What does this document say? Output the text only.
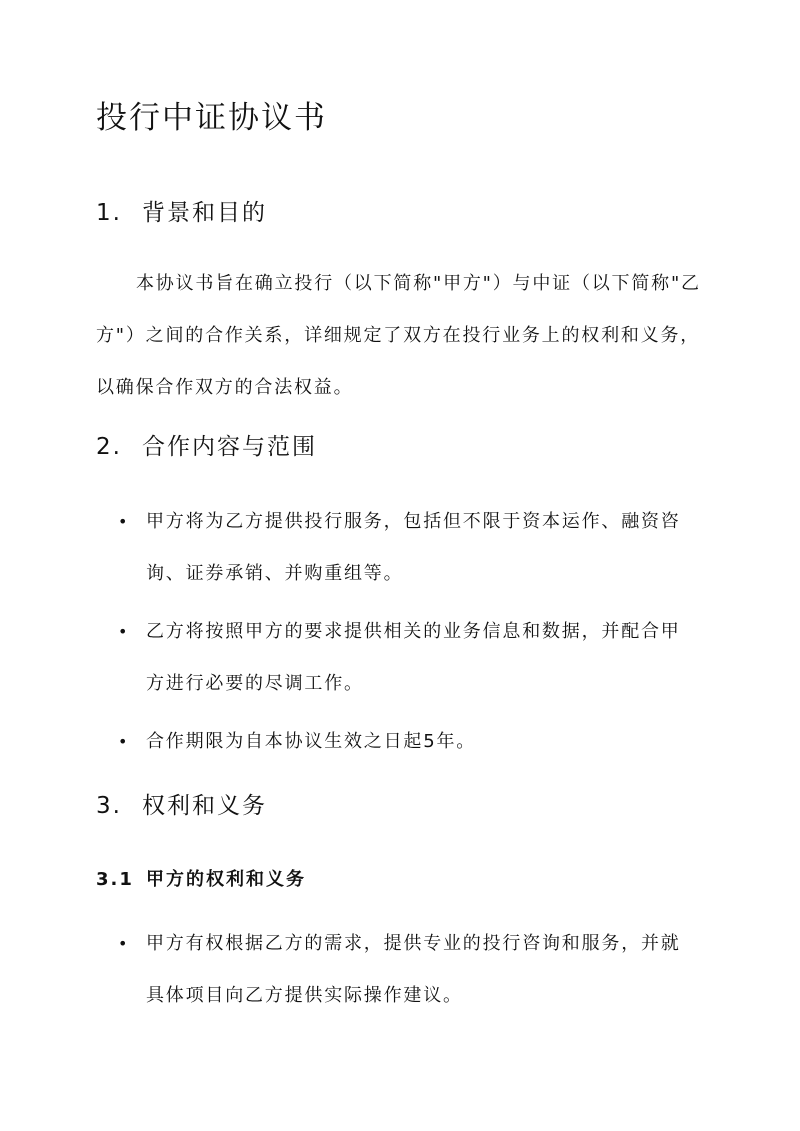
投行中证协议书
1. 背景和目的

本协议书旨在确立投行（以下简称"甲方"）与中证（以下简称"乙方"）之间的合作关系，详细规定了双方在投行业务上的权利和义务，以确保合作双方的合法权益。

2. 合作内容与范围
• 甲方将为乙方提供投行服务，包括但不限于资本运作、融资咨询、证券承销、并购重组等。
• 乙方将按照甲方的要求提供相关的业务信息和数据，并配合甲方进行必要的尽调工作。
• 合作期限为自本协议生效之日起5年。
3. 权利和义务
3.1 甲方的权利和义务
• 甲方有权根据乙方的需求，提供专业的投行咨询和服务，并就具体项目向乙方提供实际操作建议。
